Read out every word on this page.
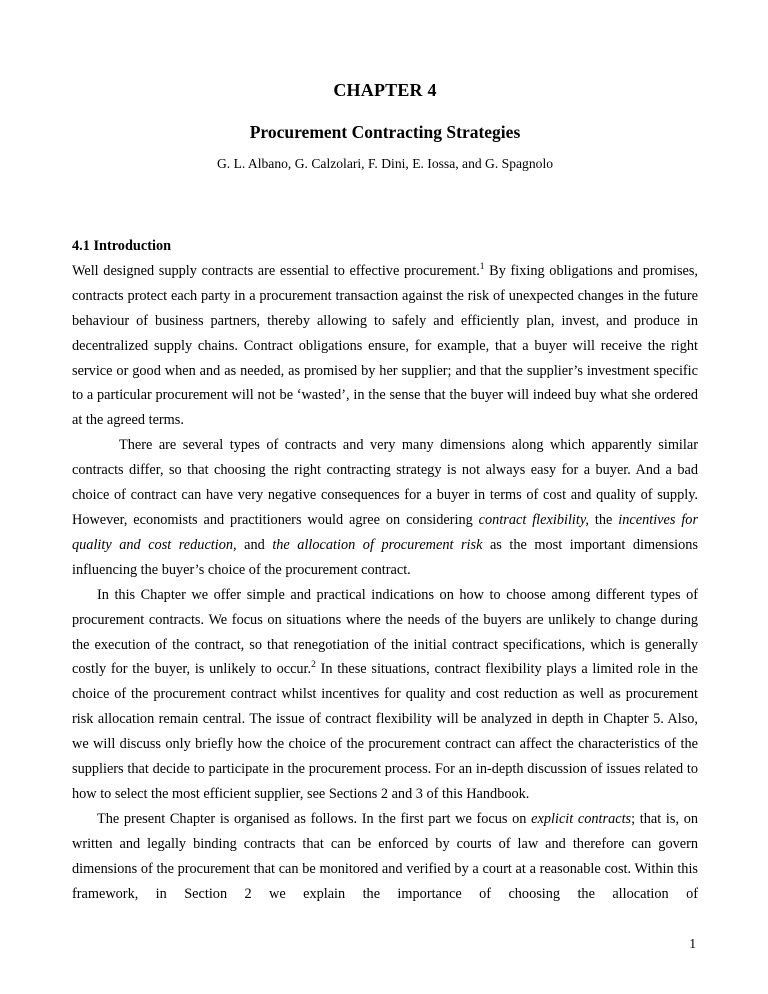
CHAPTER 4
Procurement Contracting Strategies
G. L. Albano, G. Calzolari, F. Dini, E. Iossa, and G. Spagnolo
4.1 Introduction

Well designed supply contracts are essential to effective procurement.$^1$ By fixing obligations and promises, contracts protect each party in a procurement transaction against the risk of unexpected changes in the future behaviour of business partners, thereby allowing to safely and efficiently plan, invest, and produce in decentralized supply chains. Contract obligations ensure, for example, that a buyer will receive the right service or good when and as needed, as promised by her supplier; and that the supplier’s investment specific to a particular procurement will not be ‘wasted’, in the sense that the buyer will indeed buy what she ordered at the agreed terms.

There are several types of contracts and very many dimensions along which apparently similar contracts differ, so that choosing the right contracting strategy is not always easy for a buyer. And a bad choice of contract can have very negative consequences for a buyer in terms of cost and quality of supply. However, economists and practitioners would agree on considering contract flexibility, the incentives for quality and cost reduction, and the allocation of procurement risk as the most important dimensions influencing the buyer’s choice of the procurement contract.

In this Chapter we offer simple and practical indications on how to choose among different types of procurement contracts. We focus on situations where the needs of the buyers are unlikely to change during the execution of the contract, so that renegotiation of the initial contract specifications, which is generally costly for the buyer, is unlikely to occur.$^2$ In these situations, contract flexibility plays a limited role in the choice of the procurement contract whilst incentives for quality and cost reduction as well as procurement risk allocation remain central. The issue of contract flexibility will be analyzed in depth in Chapter 5. Also, we will discuss only briefly how the choice of the procurement contract can affect the characteristics of the suppliers that decide to participate in the procurement process. For an in-depth discussion of issues related to how to select the most efficient supplier, see Sections 2 and 3 of this Handbook.

The present Chapter is organised as follows. In the first part we focus on explicit contracts; that is, on written and legally binding contracts that can be enforced by courts of law and therefore can govern dimensions of the procurement that can be monitored and verified by a court at a reasonable cost. Within this framework, in Section 2 we explain the importance of choosing the allocation of

1
